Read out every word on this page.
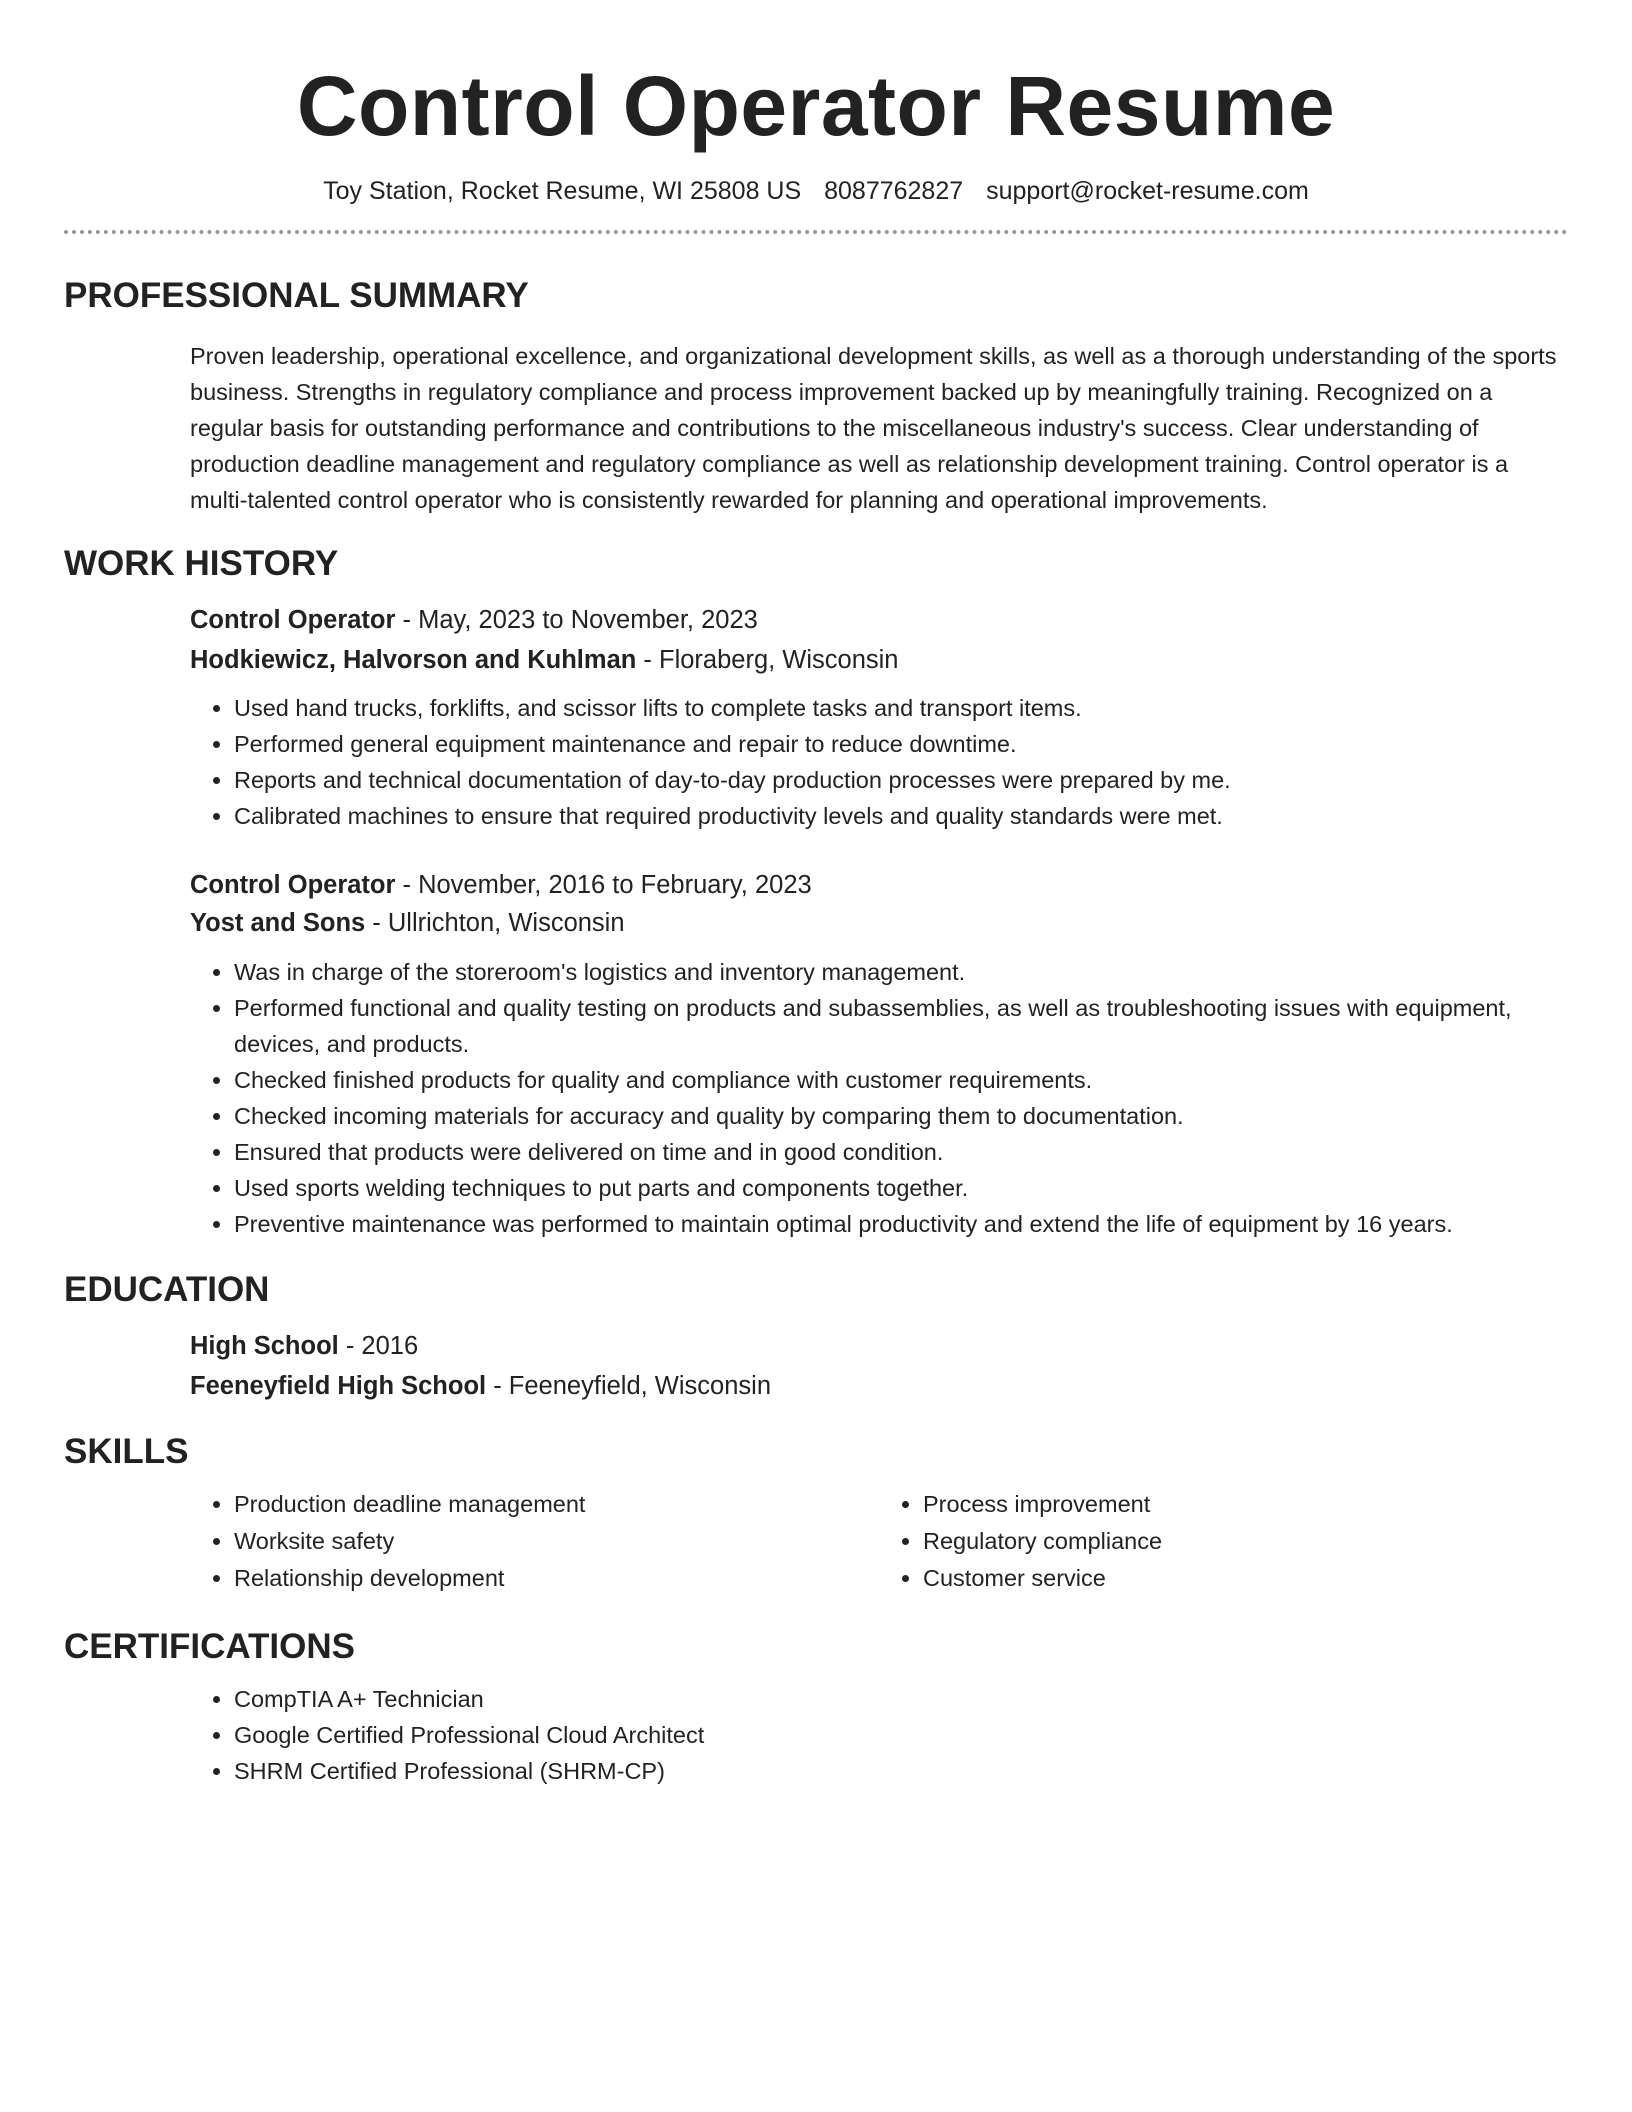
Control Operator Resume
Toy Station, Rocket Resume, WI 25808 US 8087762827 support@rocket-resume.com
PROFESSIONAL SUMMARY

Proven leadership, operational excellence, and organizational development skills, as well as a thorough understanding of the sports business. Strengths in regulatory compliance and process improvement backed up by meaningfully training. Recognized on a regular basis for outstanding performance and contributions to the miscellaneous industry's success. Clear understanding of production deadline management and regulatory compliance as well as relationship development training. Control operator is a multi-talented control operator who is consistently rewarded for planning and operational improvements.

WORK HISTORY
Control Operator - May, 2023 to November, 2023
Hodkiewicz, Halvorson and Kuhlman - Floraberg, Wisconsin
• Used hand trucks, forklifts, and scissor lifts to complete tasks and transport items.
• Performed general equipment maintenance and repair to reduce downtime.
• Reports and technical documentation of day-to-day production processes were prepared by me.
• Calibrated machines to ensure that required productivity levels and quality standards were met.
Control Operator - November, 2016 to February, 2023
Yost and Sons - Ullrichton, Wisconsin
• Was in charge of the storeroom's logistics and inventory management.
• Performed functional and quality testing on products and subassemblies, as well as troubleshooting issues with equipment, devices, and products.
• Checked finished products for quality and compliance with customer requirements.
• Checked incoming materials for accuracy and quality by comparing them to documentation.
• Ensured that products were delivered on time and in good condition.
• Used sports welding techniques to put parts and components together.
• Preventive maintenance was performed to maintain optimal productivity and extend the life of equipment by 16 years.
EDUCATION
High School - 2016
Feeneyfield High School - Feeneyfield, Wisconsin
SKILLS
• Production deadline management
• Worksite safety
• Relationship development
• Process improvement
• Regulatory compliance
• Customer service
CERTIFICATIONS
• CompTIA A+ Technician
• Google Certified Professional Cloud Architect
• SHRM Certified Professional (SHRM-CP)
